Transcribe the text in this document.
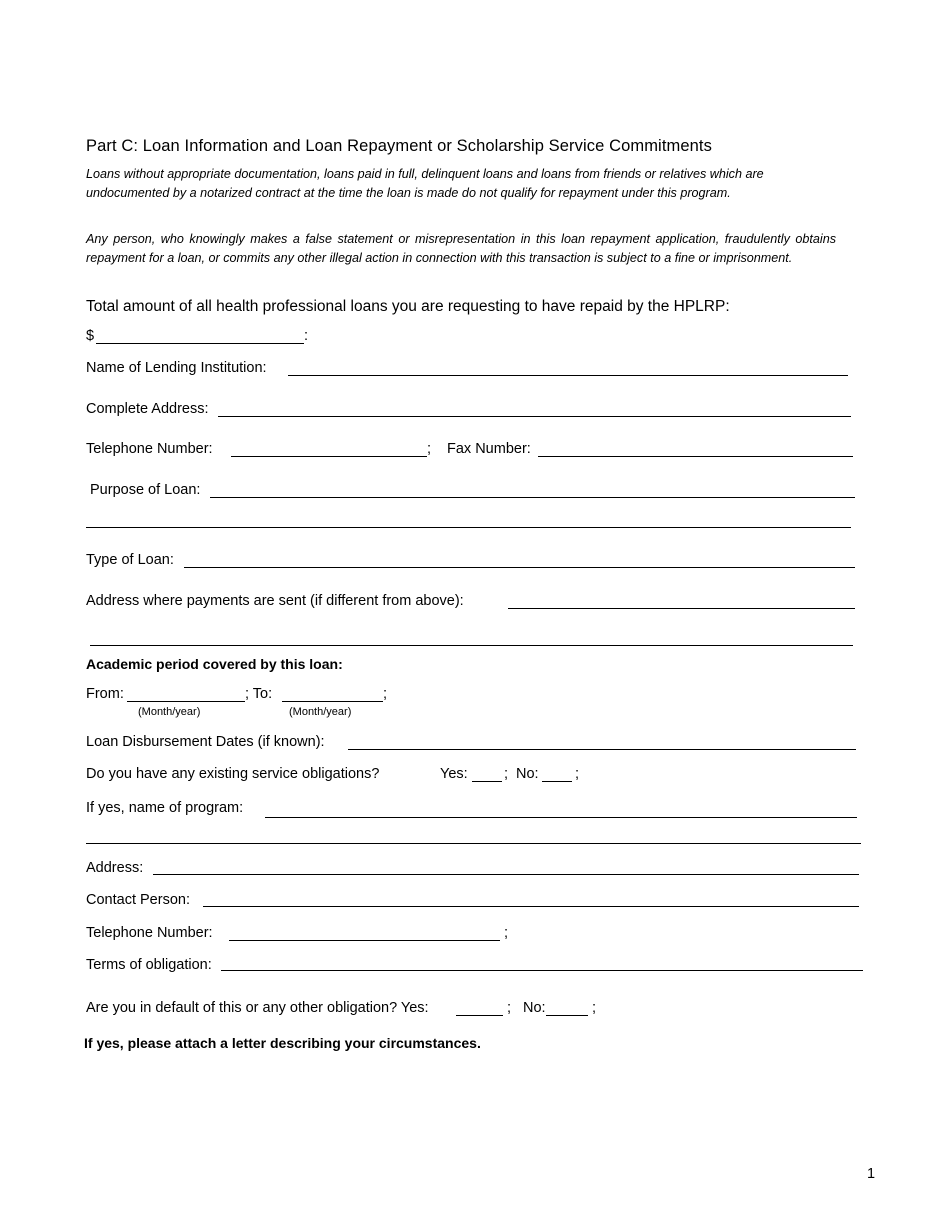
Part C: Loan Information and Loan Repayment or Scholarship Service Commitments
Loans without appropriate documentation, loans paid in full, delinquent loans and loans from friends or relatives which are undocumented by a notarized contract at the time the loan is made do not qualify for repayment under this program.
Any person, who knowingly makes a false statement or misrepresentation in this loan repayment application, fraudulently obtains repayment for a loan, or commits any other illegal action in connection with this transaction is subject to a fine or imprisonment.
Total amount of all health professional loans you are requesting to have repaid by the HPLRP:
$	:
Name of Lending Institution:
Complete Address:
Telephone Number:	; Fax Number:
Purpose of Loan:
Type of Loan:
Address where payments are sent (if different from above):
Academic period covered by this loan:
From:	; To:	;
(Month/year)	(Month/year)
Loan Disbursement Dates (if known):
Do you have any existing service obligations?	Yes:	; No:	;
If yes, name of program:
Address:
Contact Person:
Telephone Number:	;
Terms of obligation:
Are you in default of this or any other obligation? Yes:	; No:	;
If yes, please attach a letter describing your circumstances.
1
